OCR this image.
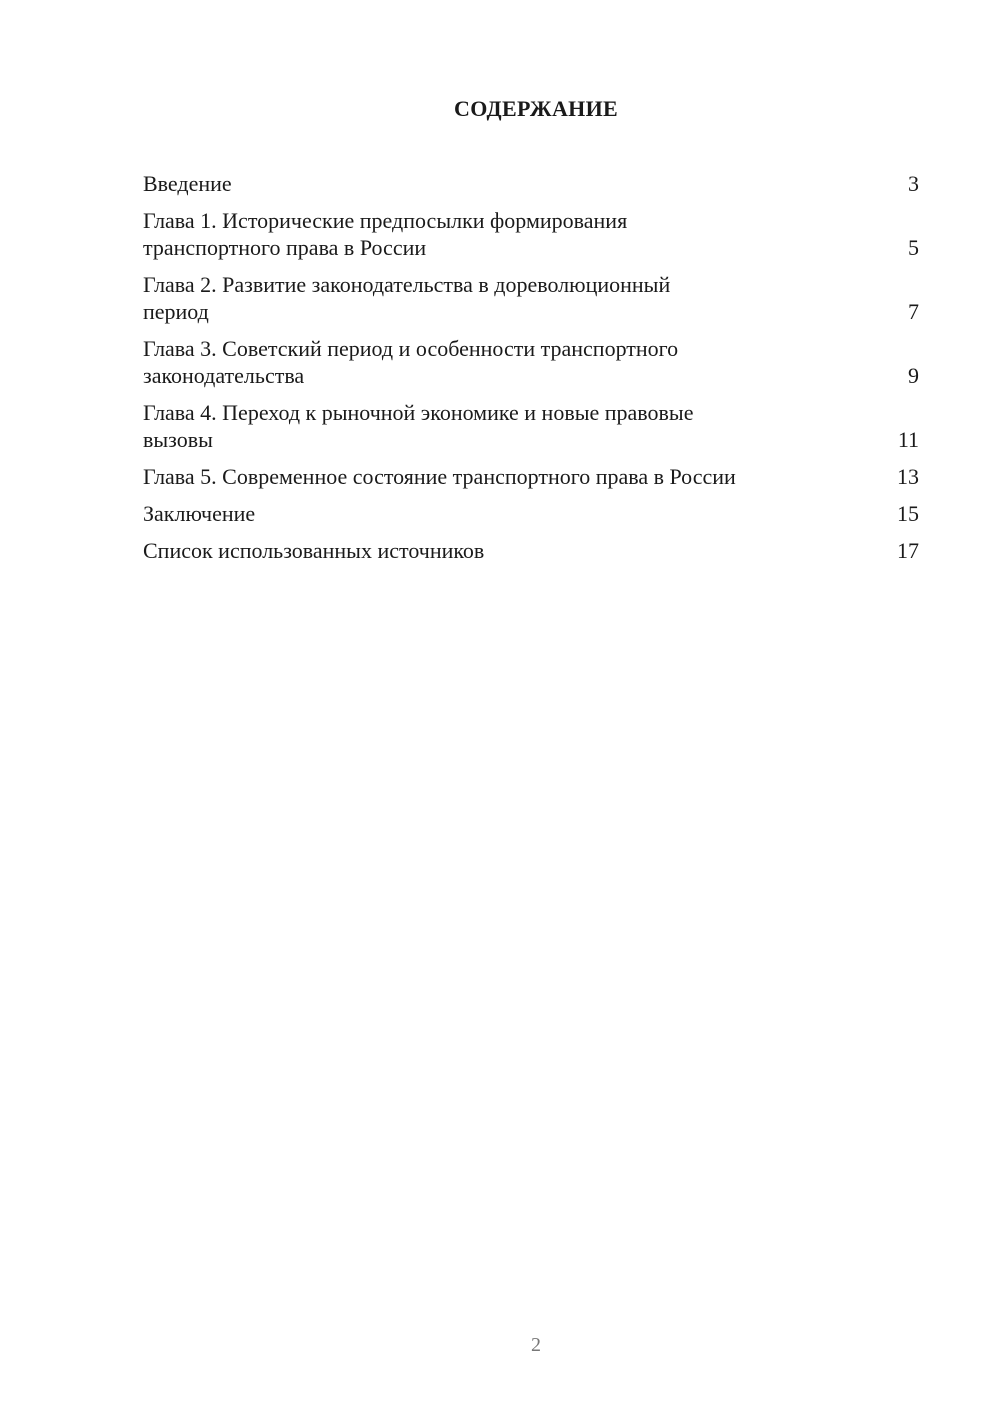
СОДЕРЖАНИЕ
Введение	3
Глава 1. Исторические предпосылки формирования
транспортного права в России	5
Глава 2. Развитие законодательства в дореволюционный
период	7
Глава 3. Советский период и особенности транспортного
законодательства	9
Глава 4. Переход к рыночной экономике и новые правовые
вызовы	11
Глава 5. Современное состояние транспортного права в России	13
Заключение	15
Список использованных источников	17
2
